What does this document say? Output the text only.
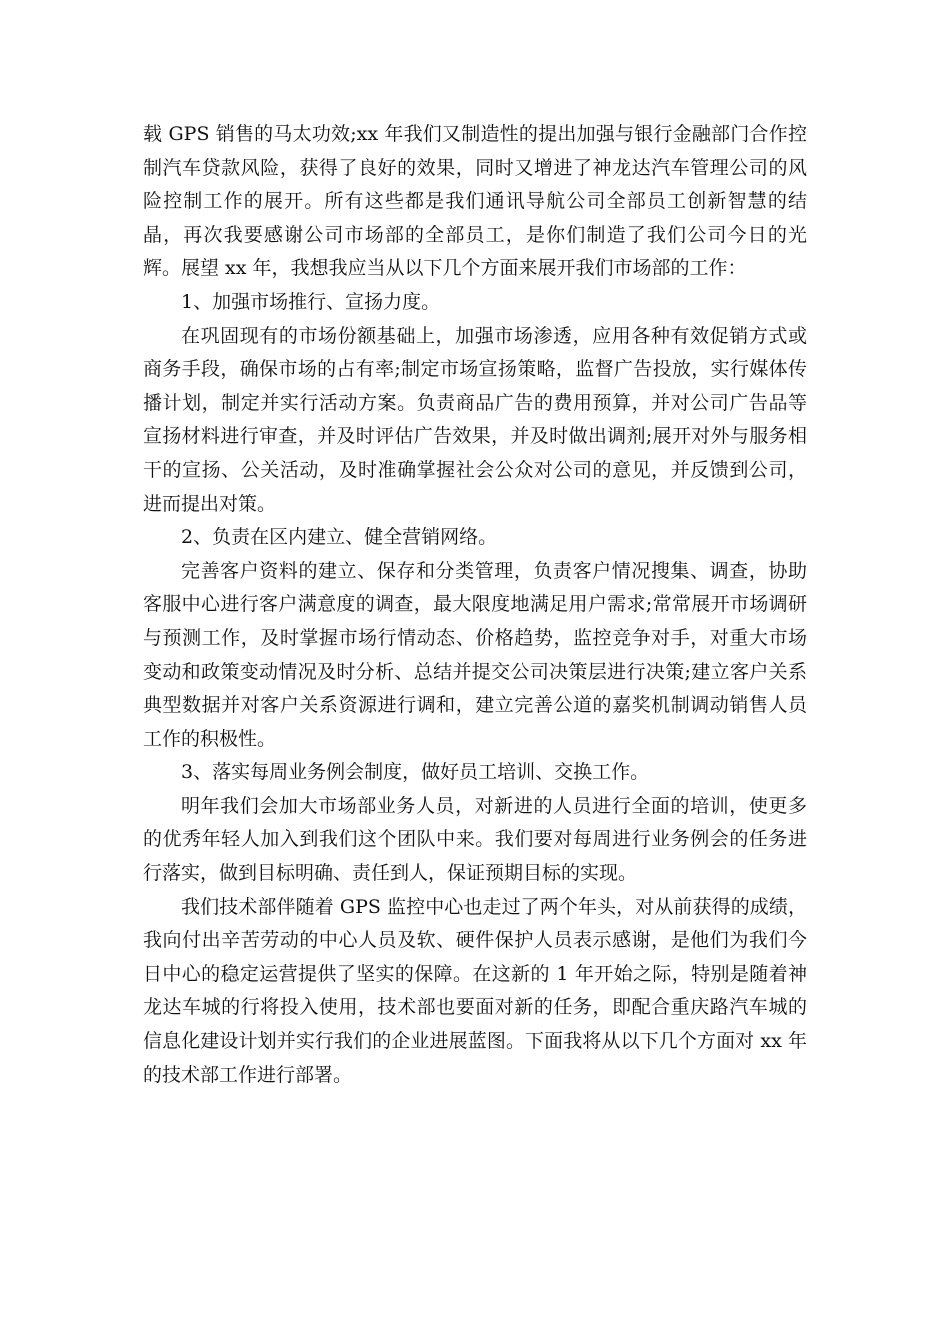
载 GPS 销售的马太功效;xx 年我们又制造性的提出加强与银行金融部门合作控制汽车贷款风险，获得了良好的效果，同时又增进了神龙达汽车管理公司的风险控制工作的展开。所有这些都是我们通讯导航公司全部员工创新智慧的结晶，再次我要感谢公司市场部的全部员工，是你们制造了我们公司今日的光辉。展望 xx 年，我想我应当从以下几个方面来展开我们市场部的工作：

1、加强市场推行、宣扬力度。

在巩固现有的市场份额基础上，加强市场渗透，应用各种有效促销方式或商务手段，确保市场的占有率;制定市场宣扬策略，监督广告投放，实行媒体传播计划，制定并实行活动方案。负责商品广告的费用预算，并对公司广告品等宣扬材料进行审查，并及时评估广告效果，并及时做出调剂;展开对外与服务相干的宣扬、公关活动，及时准确掌握社会公众对公司的意见，并反馈到公司，进而提出对策。

2、负责在区内建立、健全营销网络。

完善客户资料的建立、保存和分类管理，负责客户情况搜集、调查，协助客服中心进行客户满意度的调查，最大限度地满足用户需求;常常展开市场调研与预测工作，及时掌握市场行情动态、价格趋势，监控竞争对手，对重大市场变动和政策变动情况及时分析、总结并提交公司决策层进行决策;建立客户关系典型数据并对客户关系资源进行调和，建立完善公道的嘉奖机制调动销售人员工作的积极性。

3、落实每周业务例会制度，做好员工培训、交换工作。

明年我们会加大市场部业务人员，对新进的人员进行全面的培训，使更多的优秀年轻人加入到我们这个团队中来。我们要对每周进行业务例会的任务进行落实，做到目标明确、责任到人，保证预期目标的实现。

我们技术部伴随着 GPS 监控中心也走过了两个年头，对从前获得的成绩，我向付出辛苦劳动的中心人员及软、硬件保护人员表示感谢，是他们为我们今日中心的稳定运营提供了坚实的保障。在这新的 1 年开始之际，特别是随着神龙达车城的行将投入使用，技术部也要面对新的任务，即配合重庆路汽车城的信息化建设计划并实行我们的企业进展蓝图。下面我将从以下几个方面对 xx 年的技术部工作进行部署。
